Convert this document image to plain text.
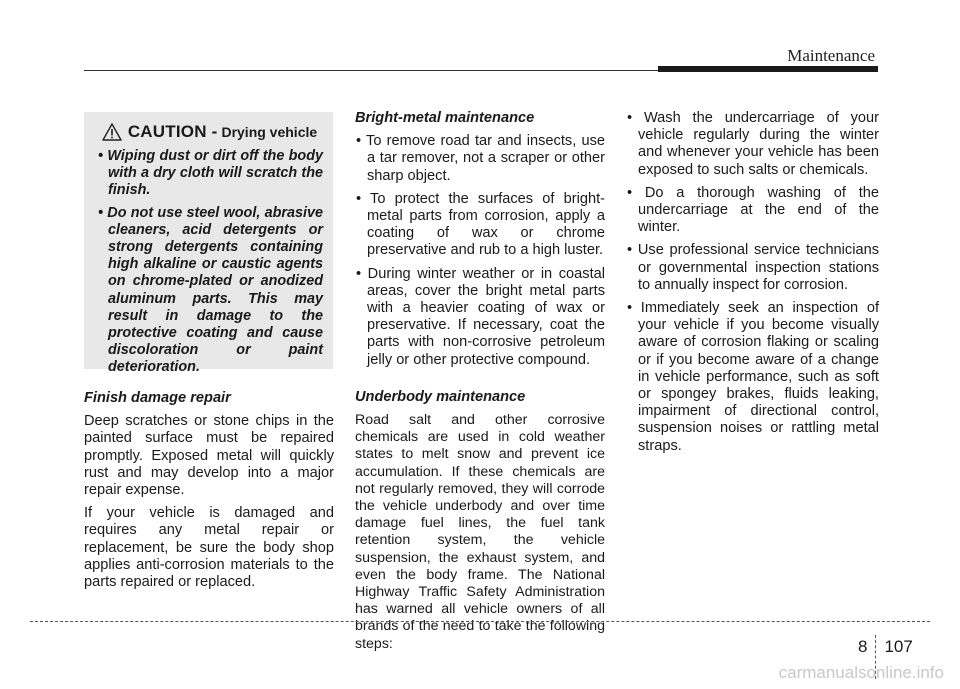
Maintenance
CAUTION - Drying vehicle

• Wiping dust or dirt off the body with a dry cloth will scratch the finish.

• Do not use steel wool, abrasive cleaners, acid detergents or strong detergents containing high alkaline or caustic agents on chrome-plated or anodized aluminum parts. This may result in damage to the protective coating and cause discoloration or paint deterioration.

Finish damage repair

Deep scratches or stone chips in the painted surface must be repaired promptly. Exposed metal will quickly rust and may develop into a major repair expense.

If your vehicle is damaged and requires any metal repair or replacement, be sure the body shop applies anti-corrosion materials to the parts repaired or replaced.

Bright-metal maintenance

• To remove road tar and insects, use a tar remover, not a scraper or other sharp object.

• To protect the surfaces of bright-metal parts from corrosion, apply a coating of wax or chrome preservative and rub to a high luster.

• During winter weather or in coastal areas, cover the bright metal parts with a heavier coating of wax or preservative. If necessary, coat the parts with non-corrosive petroleum jelly or other protective compound.

Underbody maintenance

Road salt and other corrosive chemicals are used in cold weather states to melt snow and prevent ice accumulation. If these chemicals are not regularly removed, they will corrode the vehicle underbody and over time damage fuel lines, the fuel tank retention system, the vehicle suspension, the exhaust system, and even the body frame. The National Highway Traffic Safety Administration has warned all vehicle owners of all brands of the need to take the following steps:

• Wash the undercarriage of your vehicle regularly during the winter and whenever your vehicle has been exposed to such salts or chemicals.

• Do a thorough washing of the undercarriage at the end of the winter.

• Use professional service technicians or governmental inspection stations to annually inspect for corrosion.

• Immediately seek an inspection of your vehicle if you become visually aware of corrosion flaking or scaling or if you become aware of a change in vehicle performance, such as soft or spongey brakes, fluids leaking, impairment of directional control, suspension noises or rattling metal straps.

8 107
carmanualsonline.info
